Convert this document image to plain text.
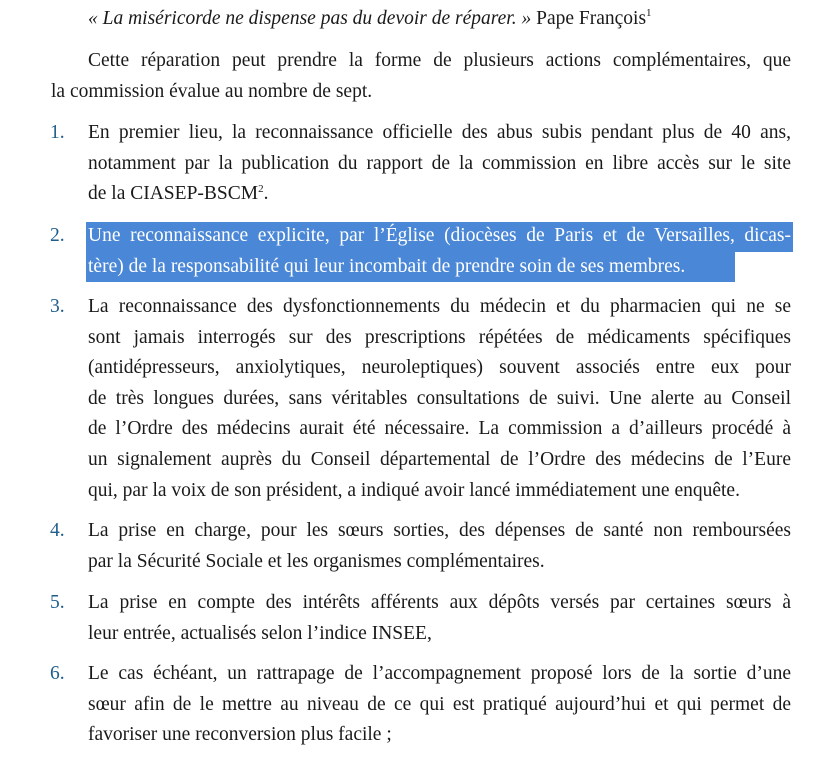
« La miséricorde ne dispense pas du devoir de réparer. » Pape François$^1$
Cette réparation peut prendre la forme de plusieurs actions complémentaires, que
la commission évalue au nombre de sept.
1. En premier lieu, la reconnaissance officielle des abus subis pendant plus de 40 ans,
notamment par la publication du rapport de la commission en libre accès sur le site
de la CIASEP-BSCM$^2$.
2. Une reconnaissance explicite, par l’Église (diocèses de Paris et de Versailles, dicas-
tère) de la responsabilité qui leur incombait de prendre soin de ses membres.
3. La reconnaissance des dysfonctionnements du médecin et du pharmacien qui ne se
sont jamais interrogés sur des prescriptions répétées de médicaments spécifiques
(antidépresseurs, anxiolytiques, neuroleptiques) souvent associés entre eux pour
de très longues durées, sans véritables consultations de suivi. Une alerte au Conseil
de l’Ordre des médecins aurait été nécessaire. La commission a d’ailleurs procédé à
un signalement auprès du Conseil départemental de l’Ordre des médecins de l’Eure
qui, par la voix de son président, a indiqué avoir lancé immédiatement une enquête.
4. La prise en charge, pour les sœurs sorties, des dépenses de santé non remboursées
par la Sécurité Sociale et les organismes complémentaires.
5. La prise en compte des intérêts afférents aux dépôts versés par certaines sœurs à
leur entrée, actualisés selon l’indice INSEE,
6. Le cas échéant, un rattrapage de l’accompagnement proposé lors de la sortie d’une
sœur afin de le mettre au niveau de ce qui est pratiqué aujourd’hui et qui permet de
favoriser une reconversion plus facile ;
